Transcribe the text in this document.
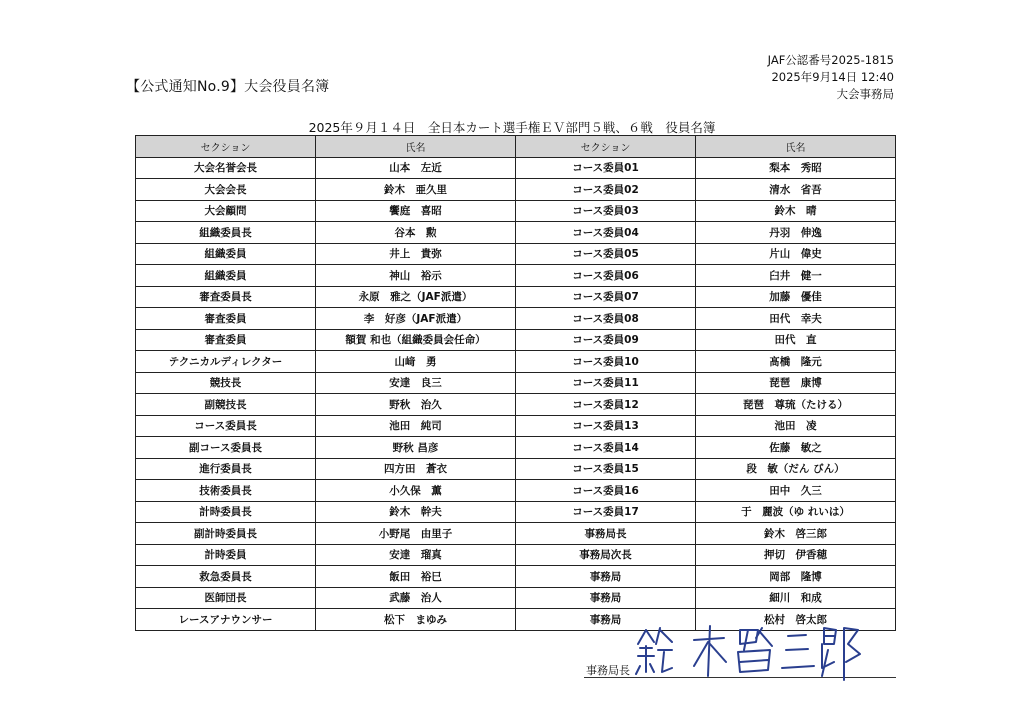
【公式通知No.9】大会役員名簿
JAF公認番号2025-1815
2025年9月14日 12:40
大会事務局
2025年９月１４日　全日本カート選手権ＥＶ部門５戦、６戦　役員名簿
セクション	氏名	セクション	氏名
大会名誉会長	山本　左近	コース委員01	梨本　秀昭
大会会長	鈴木　亜久里	コース委員02	清水　省吾
大会顧問	饗庭　喜昭	コース委員03	鈴木　晴
組織委員長	谷本　勲	コース委員04	丹羽　伸逸
組織委員	井上　貴弥	コース委員05	片山　偉史
組織委員	神山　裕示	コース委員06	臼井　健一
審査委員長	永原　雅之（JAF派遣）	コース委員07	加藤　優佳
審査委員	李　好彦（JAF派遣）	コース委員08	田代　幸夫
審査委員	額賀 和也（組織委員会任命）	コース委員09	田代　直
テクニカルディレクター	山﨑　勇	コース委員10	髙橋　隆元
競技長	安達　良三	コース委員11	琵琶　康博
副競技長	野秋　治久	コース委員12	琵琶　尊琉（たける）
コース委員長	池田　純司	コース委員13	池田　凌
副コース委員長	野秋 昌彦	コース委員14	佐藤　敏之
進行委員長	四方田　蒼衣	コース委員15	段　敏（だん びん）
技術委員長	小久保　薫	コース委員16	田中　久三
計時委員長	鈴木　幹夫	コース委員17	于　麗波（ゆ れいは）
副計時委員長	小野尾　由里子	事務局長	鈴木　啓三郎
計時委員	安達　瑠真	事務局次長	押切　伊香穂
救急委員長	飯田　裕巳	事務局	岡部　隆博
医師団長	武藤　治人	事務局	細川　和成
レースアナウンサー	松下　まゆみ	事務局	松村　啓太郎
事務局長
